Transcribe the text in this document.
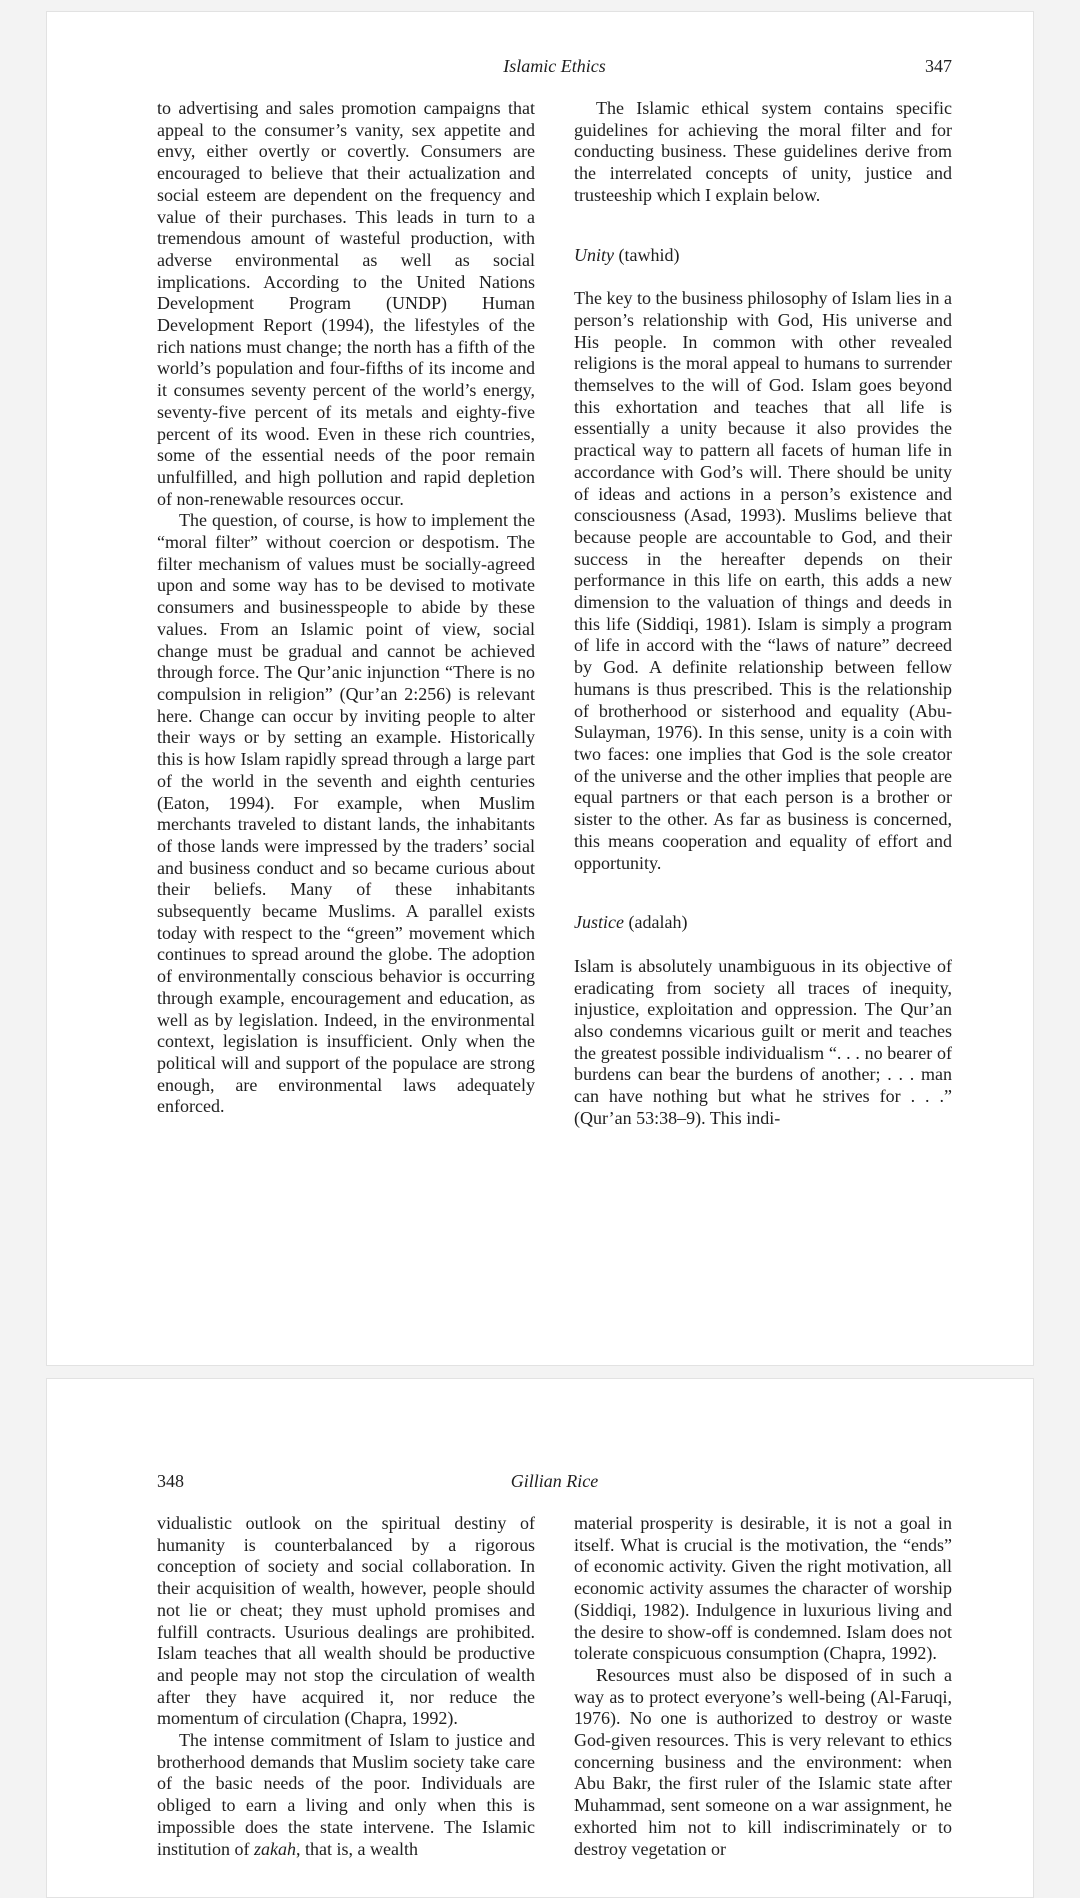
Islamic Ethics	347

to advertising and sales promotion campaigns that appeal to the consumer’s vanity, sex appetite and envy, either overtly or covertly. Consumers are encouraged to believe that their actualization and social esteem are dependent on the frequency and value of their purchases. This leads in turn to a tremendous amount of wasteful production, with adverse environmental as well as social implications. According to the United Nations Development Program (UNDP) Human Development Report (1994), the lifestyles of the rich nations must change; the north has a fifth of the world’s population and four-fifths of its income and it consumes seventy percent of the world’s energy, seventy-five percent of its metals and eighty-five percent of its wood. Even in these rich countries, some of the essential needs of the poor remain unfulfilled, and high pollution and rapid depletion of non-renewable resources occur.

The question, of course, is how to implement the “moral filter” without coercion or despotism. The filter mechanism of values must be socially-agreed upon and some way has to be devised to motivate consumers and businesspeople to abide by these values. From an Islamic point of view, social change must be gradual and cannot be achieved through force. The Qur’anic injunction “There is no compulsion in religion” (Qur’an 2:256) is relevant here. Change can occur by inviting people to alter their ways or by setting an example. Historically this is how Islam rapidly spread through a large part of the world in the seventh and eighth centuries (Eaton, 1994). For example, when Muslim merchants traveled to distant lands, the inhabitants of those lands were impressed by the traders’ social and business conduct and so became curious about their beliefs. Many of these inhabitants subsequently became Muslims. A parallel exists today with respect to the “green” movement which continues to spread around the globe. The adoption of environmentally conscious behavior is occurring through example, encouragement and education, as well as by legislation. Indeed, in the environmental context, legislation is insufficient. Only when the political will and support of the populace are strong enough, are environmental laws adequately enforced.

The Islamic ethical system contains specific guidelines for achieving the moral filter and for conducting business. These guidelines derive from the interrelated concepts of unity, justice and trusteeship which I explain below.

Unity (tawhid)

The key to the business philosophy of Islam lies in a person’s relationship with God, His universe and His people. In common with other revealed religions is the moral appeal to humans to surrender themselves to the will of God. Islam goes beyond this exhortation and teaches that all life is essentially a unity because it also provides the practical way to pattern all facets of human life in accordance with God’s will. There should be unity of ideas and actions in a person’s existence and consciousness (Asad, 1993). Muslims believe that because people are accountable to God, and their success in the hereafter depends on their performance in this life on earth, this adds a new dimension to the valuation of things and deeds in this life (Siddiqi, 1981). Islam is simply a program of life in accord with the “laws of nature” decreed by God. A definite relationship between fellow humans is thus prescribed. This is the relationship of brotherhood or sisterhood and equality (Abu-Sulayman, 1976). In this sense, unity is a coin with two faces: one implies that God is the sole creator of the universe and the other implies that people are equal partners or that each person is a brother or sister to the other. As far as business is concerned, this means cooperation and equality of effort and opportunity.

Justice (adalah)

Islam is absolutely unambiguous in its objective of eradicating from society all traces of inequity, injustice, exploitation and oppression. The Qur’an also condemns vicarious guilt or merit and teaches the greatest possible individualism “. . . no bearer of burdens can bear the burdens of another; . . . man can have nothing but what he strives for . . .” (Qur’an 53:38–9). This indi-

348	Gillian Rice

vidualistic outlook on the spiritual destiny of humanity is counterbalanced by a rigorous conception of society and social collaboration. In their acquisition of wealth, however, people should not lie or cheat; they must uphold promises and fulfill contracts. Usurious dealings are prohibited. Islam teaches that all wealth should be productive and people may not stop the circulation of wealth after they have acquired it, nor reduce the momentum of circulation (Chapra, 1992).

The intense commitment of Islam to justice and brotherhood demands that Muslim society take care of the basic needs of the poor. Individuals are obliged to earn a living and only when this is impossible does the state intervene. The Islamic institution of zakah, that is, a wealth

material prosperity is desirable, it is not a goal in itself. What is crucial is the motivation, the “ends” of economic activity. Given the right motivation, all economic activity assumes the character of worship (Siddiqi, 1982). Indulgence in luxurious living and the desire to show-off is condemned. Islam does not tolerate conspicuous consumption (Chapra, 1992).

Resources must also be disposed of in such a way as to protect everyone’s well-being (Al-Faruqi, 1976). No one is authorized to destroy or waste God-given resources. This is very relevant to ethics concerning business and the environment: when Abu Bakr, the first ruler of the Islamic state after Muhammad, sent someone on a war assignment, he exhorted him not to kill indiscriminately or to destroy vegetation or
